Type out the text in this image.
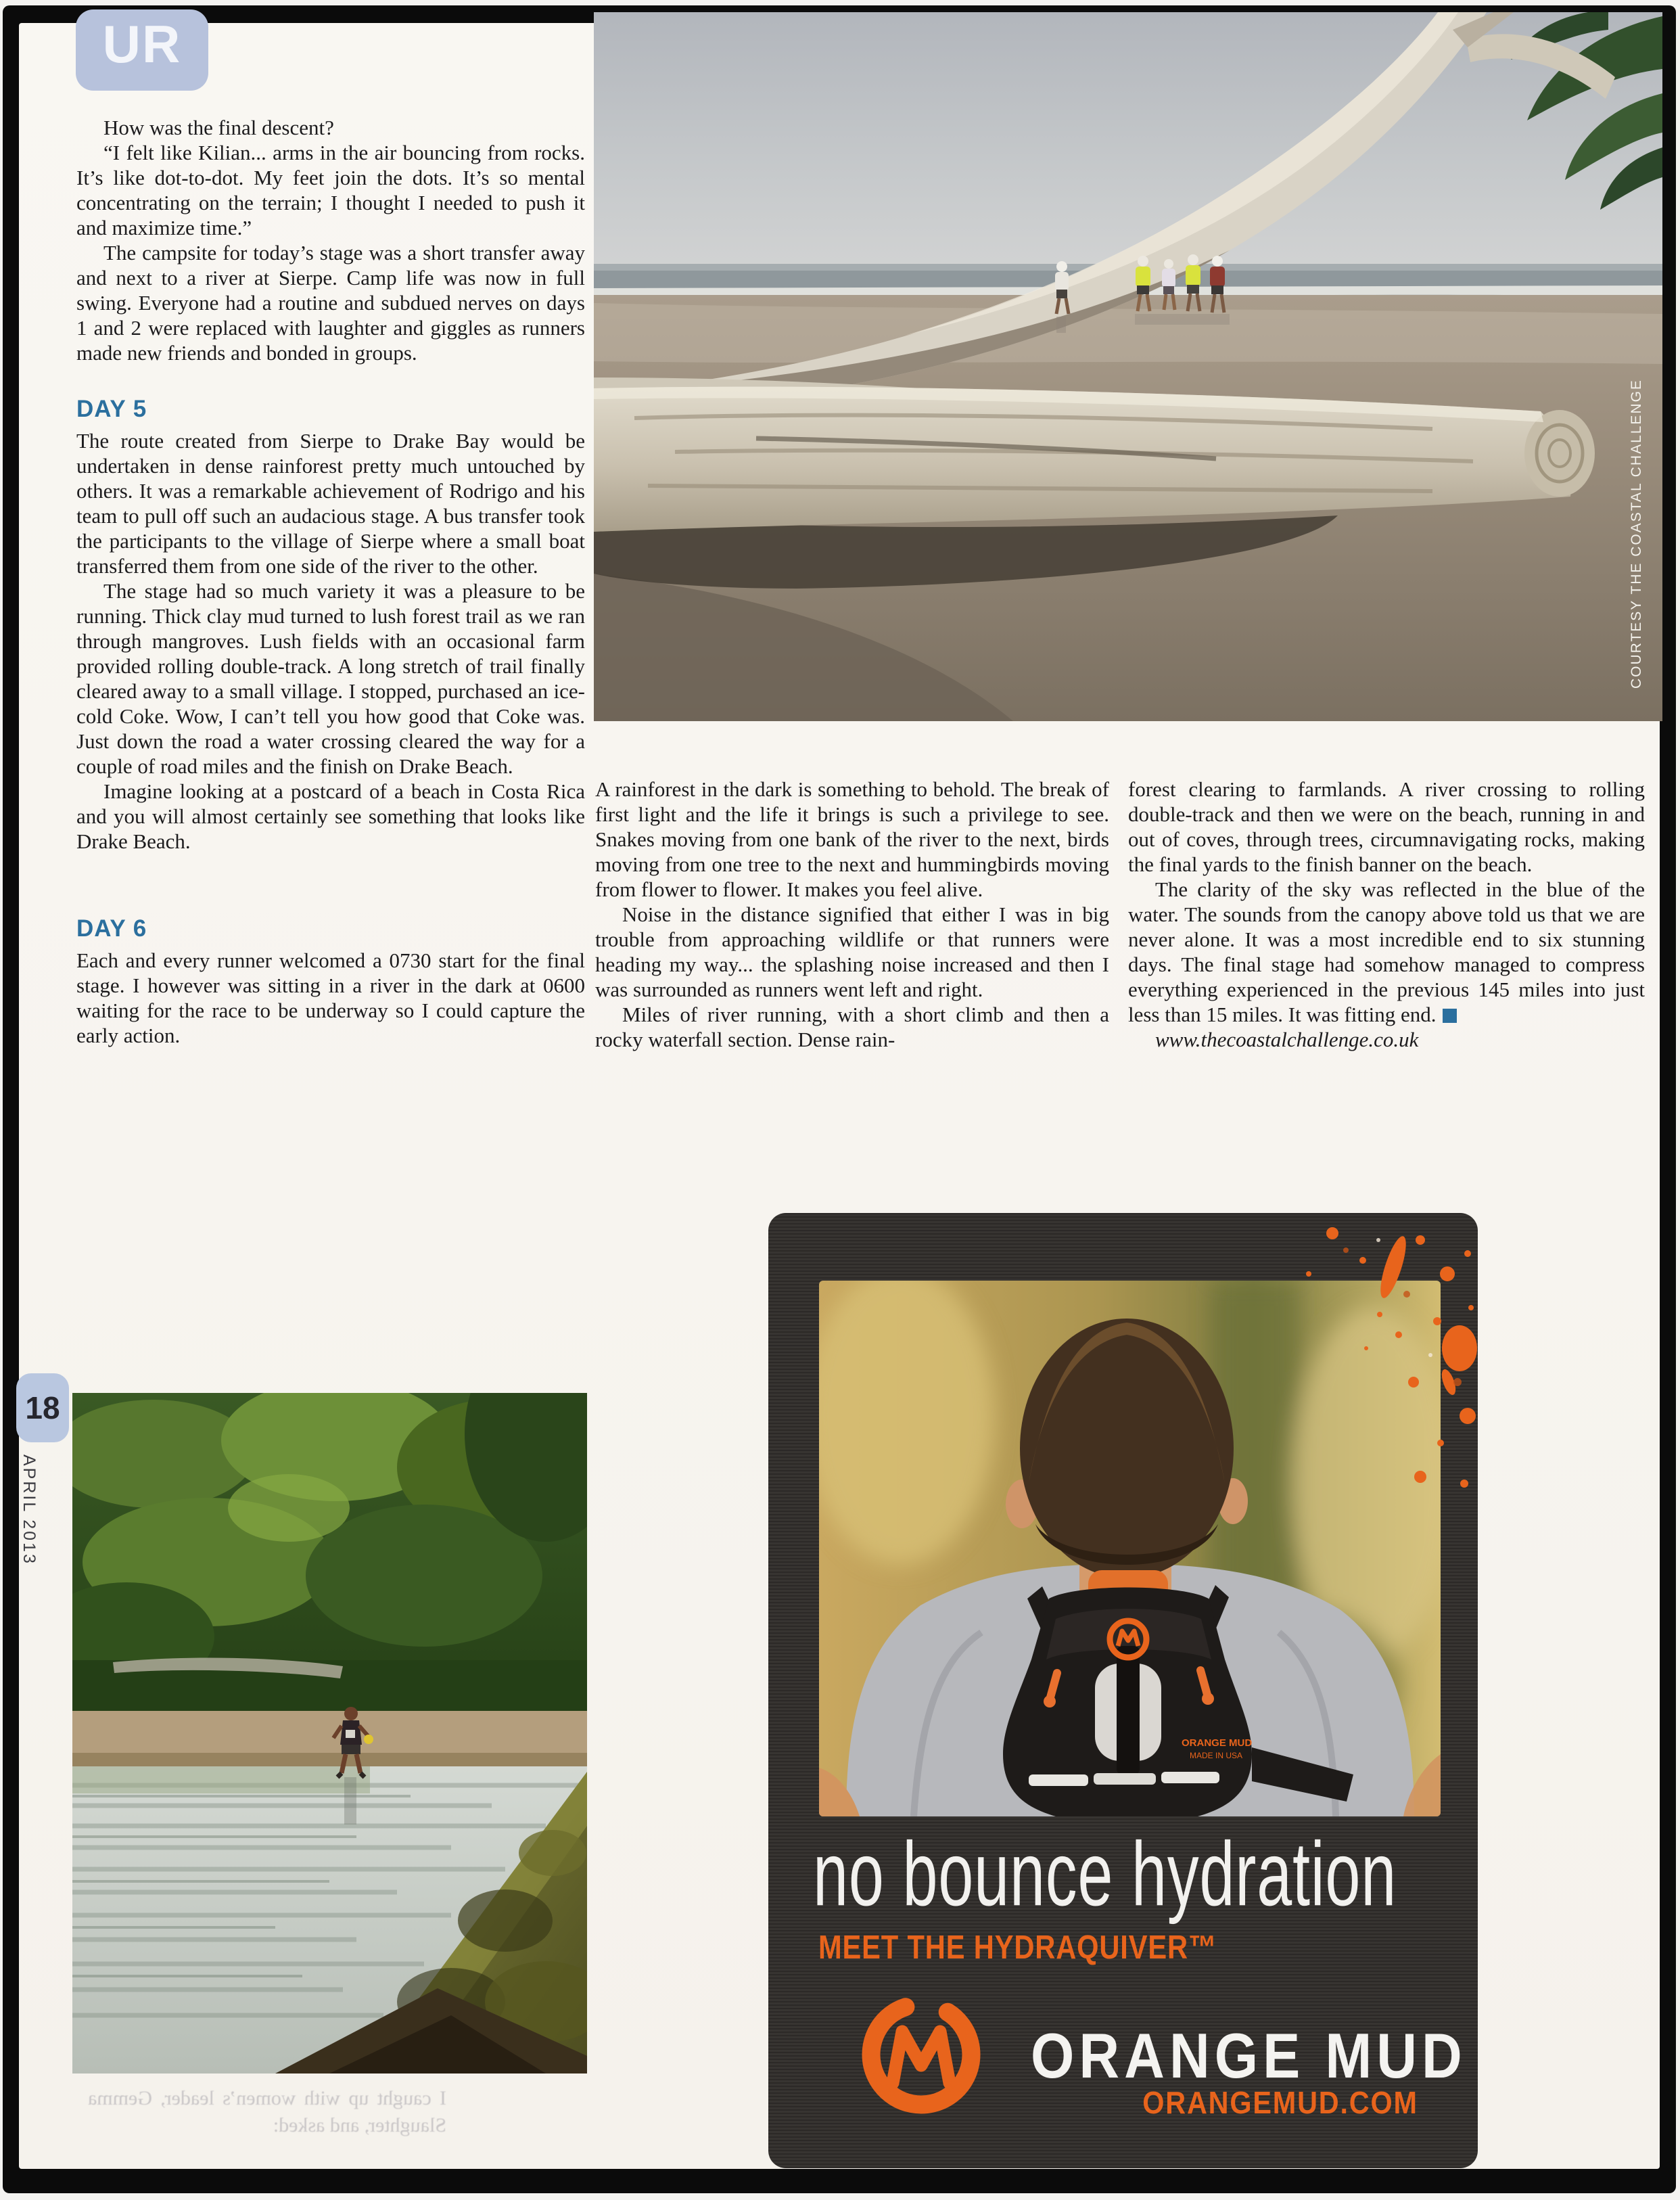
UR
COURTESY THE COASTAL CHALLENGE

How was the final descent?

“I felt like Kilian... arms in the air bouncing from rocks. It’s like dot-to-dot. My feet join the dots. It’s so mental concentrating on the terrain; I thought I needed to push it and maximize time.”

The campsite for today’s stage was a short transfer away and next to a river at Sierpe. Camp life was now in full swing. Everyone had a routine and subdued nerves on days 1 and 2 were replaced with laughter and giggles as runners made new friends and bonded in groups.

DAY 5

The route created from Sierpe to Drake Bay would be undertaken in dense rainforest pretty much untouched by others. It was a remarkable achievement of Rodrigo and his team to pull off such an audacious stage. A bus transfer took the participants to the village of Sierpe where a small boat transferred them from one side of the river to the other.

The stage had so much variety it was a pleasure to be running. Thick clay mud turned to lush forest trail as we ran through mangroves. Lush fields with an occasional farm provided rolling double-track. A long stretch of trail finally cleared away to a small village. I stopped, purchased an ice-cold Coke. Wow, I can’t tell you how good that Coke was. Just down the road a water crossing cleared the way for a couple of road miles and the finish on Drake Beach.

Imagine looking at a postcard of a beach in Costa Rica and you will almost certainly see something that looks like Drake Beach.

DAY 6

Each and every runner welcomed a 0730 start for the final stage. I however was sitting in a river in the dark at 0600 waiting for the race to be underway so I could capture the early action.

A rainforest in the dark is something to behold. The break of first light and the life it brings is such a privilege to see. Snakes moving from one bank of the river to the next, birds moving from one tree to the next and hummingbirds moving from flower to flower. It makes you feel alive.

Noise in the distance signified that either I was in big trouble from approaching wildlife or that runners were heading my way... the splashing noise increased and then I was surrounded as runners went left and right.

Miles of river running, with a short climb and then a rocky waterfall section. Dense rain-

forest clearing to farmlands. A river crossing to rolling double-track and then we were on the beach, running in and out of coves, through trees, circumnavigating rocks, making the final yards to the finish banner on the beach.

The clarity of the sky was reflected in the blue of the water. The sounds from the canopy above told us that we are never alone. It was a most incredible end to six stunning days. The final stage had somehow managed to compress everything experienced in the previous 145 miles into just less than 15 miles. It was fitting end.

www.thecoastalchallenge.co.uk

18
APRIL 2013
I caught up with women’s leader, Gemma Slaughter, and asked:
ORANGE MUD
MADE IN USA
no bounce hydration
MEET THE HYDRAQUIVER™
ORANGE MUD
ORANGEMUD.COM
